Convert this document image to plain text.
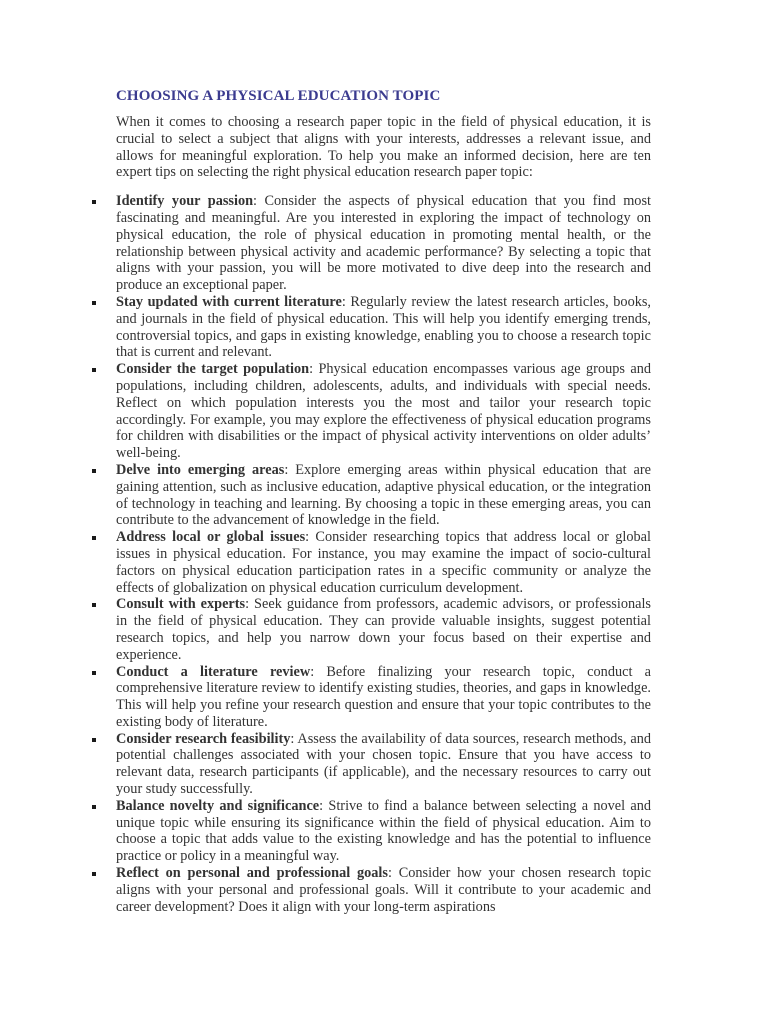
CHOOSING A PHYSICAL EDUCATION TOPIC

When it comes to choosing a research paper topic in the field of physical education, it is crucial to select a subject that aligns with your interests, addresses a relevant issue, and allows for meaningful exploration. To help you make an informed decision, here are ten expert tips on selecting the right physical education research paper topic:

Identify your passion: Consider the aspects of physical education that you find most fascinating and meaningful. Are you interested in exploring the impact of technology on physical education, the role of physical education in promoting mental health, or the relationship between physical activity and academic performance? By selecting a topic that aligns with your passion, you will be more motivated to dive deep into the research and produce an exceptional paper.
Stay updated with current literature: Regularly review the latest research articles, books, and journals in the field of physical education. This will help you identify emerging trends, controversial topics, and gaps in existing knowledge, enabling you to choose a research topic that is current and relevant.
Consider the target population: Physical education encompasses various age groups and populations, including children, adolescents, adults, and individuals with special needs. Reflect on which population interests you the most and tailor your research topic accordingly. For example, you may explore the effectiveness of physical education programs for children with disabilities or the impact of physical activity interventions on older adults’ well-being.
Delve into emerging areas: Explore emerging areas within physical education that are gaining attention, such as inclusive education, adaptive physical education, or the integration of technology in teaching and learning. By choosing a topic in these emerging areas, you can contribute to the advancement of knowledge in the field.
Address local or global issues: Consider researching topics that address local or global issues in physical education. For instance, you may examine the impact of socio-cultural factors on physical education participation rates in a specific community or analyze the effects of globalization on physical education curriculum development.
Consult with experts: Seek guidance from professors, academic advisors, or professionals in the field of physical education. They can provide valuable insights, suggest potential research topics, and help you narrow down your focus based on their expertise and experience.
Conduct a literature review: Before finalizing your research topic, conduct a comprehensive literature review to identify existing studies, theories, and gaps in knowledge. This will help you refine your research question and ensure that your topic contributes to the existing body of literature.
Consider research feasibility: Assess the availability of data sources, research methods, and potential challenges associated with your chosen topic. Ensure that you have access to relevant data, research participants (if applicable), and the necessary resources to carry out your study successfully.
Balance novelty and significance: Strive to find a balance between selecting a novel and unique topic while ensuring its significance within the field of physical education. Aim to choose a topic that adds value to the existing knowledge and has the potential to influence practice or policy in a meaningful way.
Reflect on personal and professional goals: Consider how your chosen research topic aligns with your personal and professional goals. Will it contribute to your academic and career development? Does it align with your long-term aspirations
